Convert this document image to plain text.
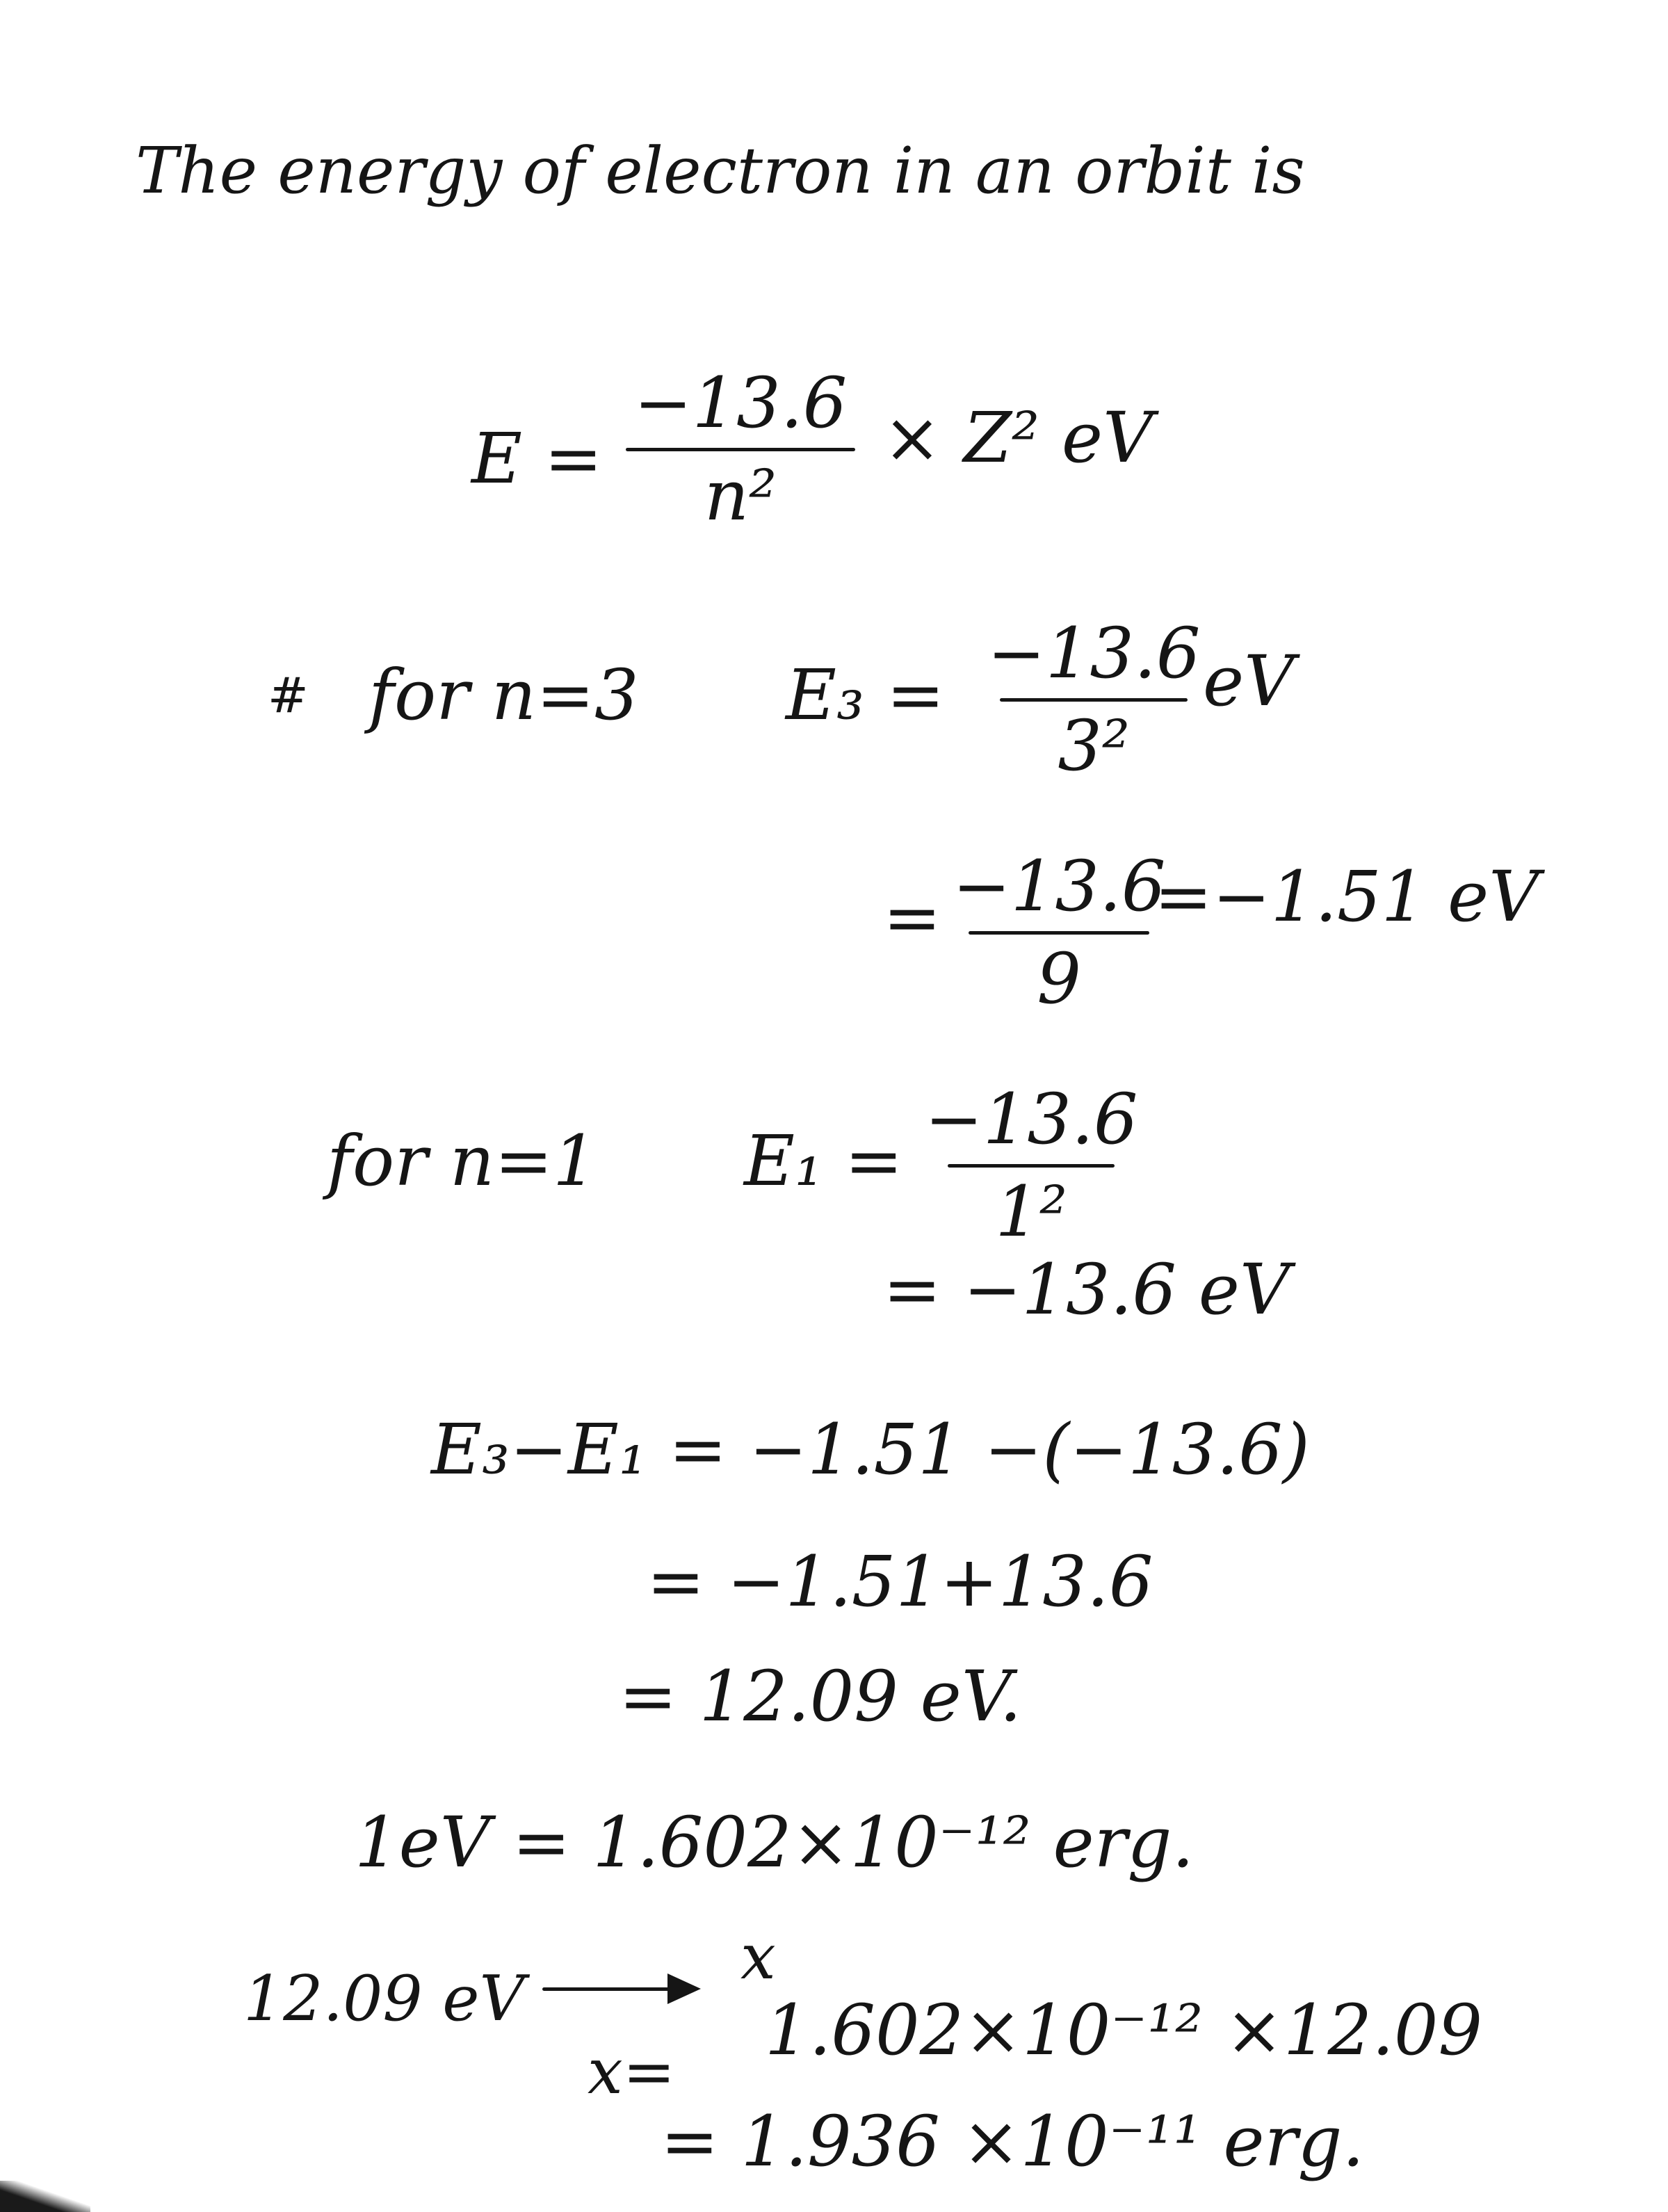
The energy of electron in an orbit is
E =
−13.6
n²
× Z² eV
# for n=3 E₃ =
−13.6
3²
eV
= −13.6
9
=−1.51 eV
for n=1 E₁ =
−13.6
1²
= −13.6 eV
E₃−E₁ = −1.51 −(−13.6)
= −1.51+13.6
= 12.09 eV.
1eV = 1.602×10⁻¹² erg.
12.09 eV
x
x=
1.602×10⁻¹² ×12.09
= 1.936 ×10⁻¹¹ erg.
